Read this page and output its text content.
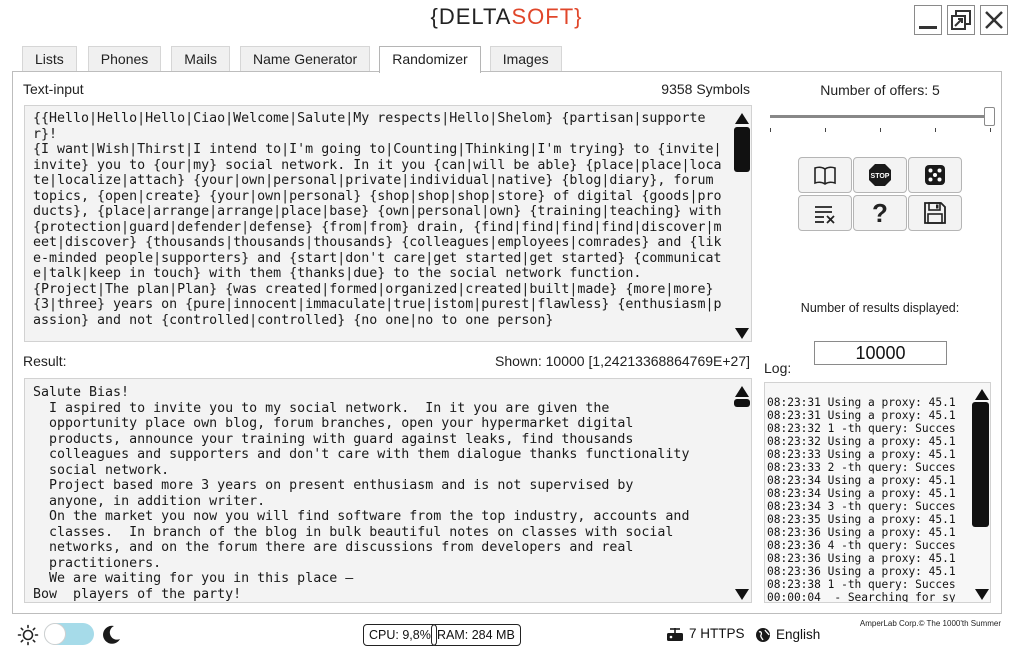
{DELTASOFT}
Lists	Phones	Mails	Name Generator	Randomizer	Images
Text-input	9358 Symbols
{{Hello|Hello|Hello|Ciao|Welcome|Salute|My respects|Hello|Shelom} {partisan|supporter}!
{I want|Wish|Thirst|I intend to|I'm going to|Counting|Thinking|I'm trying} to {invite|invite} you to {our|my} social network. In it you {can|will be able} {place|place|locate|localize|attach} {your|own|personal|private|individual|native} {blog|diary}, forum topics, {open|create} {your|own|personal} {shop|shop|shop|store} of digital {goods|products}, {place|arrange|arrange|place|base} {own|personal|own} {training|teaching} with {protection|guard|defender|defense} {from|from} drain, {find|find|find|find|discover|meet|discover} {thousands|thousands|thousands} {colleagues|employees|comrades} and {like-minded people|supporters} and {start|don't care|get started|get started} {communicate|talk|keep in touch} with them {thanks|due} to the social network function.
{Project|The plan|Plan} {was created|formed|organized|created|built|made} {more|more} {3|three} years on {pure|innocent|immaculate|true|istom|purest|flawless} {enthusiasm|passion} and not {controlled|controlled} {no one|no to one person}
Result:	Shown: 10000 [1,24213368864769E+27]
Salute Bias!
I aspired to invite you to my social network.  In it you are given the
opportunity place own blog, forum branches, open your hypermarket digital
products, announce your training with guard against leaks, find thousands
colleagues and supporters and don't care with them dialogue thanks functionality
social network.
Project based more 3 years on present enthusiasm and is not supervised by
anyone, in addition writer.
On the market you now you will find software from the top industry, accounts and
classes.  In branch of the blog in bulk beautiful notes on classes with social
networks, and on the forum there are discussions from developers and real
practitioners.
We are waiting for you in this place –
Bow  players of the party!
Number of offers: 5
STOP
?
Number of results displayed:
10000
Log:
08:23:31 Using a proxy: 45.1
08:23:31 Using a proxy: 45.1
08:23:32 1 -th query: Succes
08:23:32 Using a proxy: 45.1
08:23:33 Using a proxy: 45.1
08:23:33 2 -th query: Succes
08:23:34 Using a proxy: 45.1
08:23:34 Using a proxy: 45.1
08:23:34 3 -th query: Succes
08:23:35 Using a proxy: 45.1
08:23:36 Using a proxy: 45.1
08:23:36 4 -th query: Succes
08:23:36 Using a proxy: 45.1
08:23:36 Using a proxy: 45.1
08:23:38 1 -th query: Succes
00:00:04  - Searching for sy
CPU: 9,8% RAM: 284 MB	7 HTTPS English
AmperLab Corp.© The 1000'th Summer
